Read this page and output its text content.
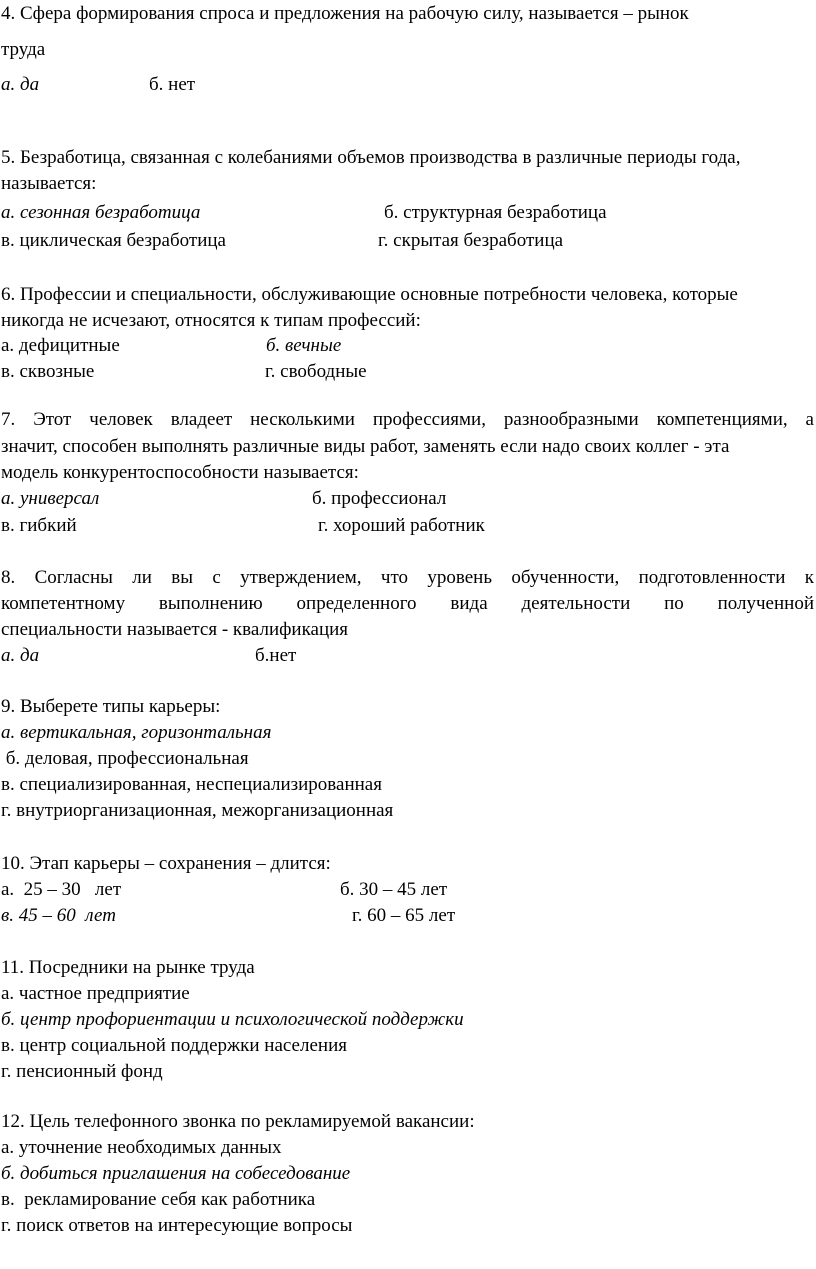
4. Сфера формирования спроса и предложения на рабочую силу, называется – рынок
труда
а. да	б. нет
5. Безработица, связанная с колебаниями объемов производства в различные периоды года,
называется:
а. сезонная безработица	б. структурная безработица
в. циклическая безработица	г. скрытая безработица
6. Профессии и специальности, обслуживающие основные потребности человека, которые
никогда не исчезают, относятся к типам профессий:
а. дефицитные	б. вечные
в. сквозные	г. свободные
7. Этот человек владеет несколькими профессиями, разнообразными компетенциями, а
значит, способен выполнять различные виды работ, заменять если надо своих коллег - эта
модель конкурентоспособности называется:
а. универсал	б. профессионал
в. гибкий	г. хороший работник
8. Согласны ли вы с утверждением, что уровень обученности, подготовленности к
компетентному выполнению определенного вида деятельности по полученной
специальности называется - квалификация
а. да	б.нет
9. Выберете типы карьеры:
а. вертикальная, горизонтальная
б. деловая, профессиональная
в. специализированная, неспециализированная
г. внутриорганизационная, межорганизационная
10. Этап карьеры – сохранения – длится:
а.  25 – 30   лет	б. 30 – 45 лет
в. 45 – 60  лет	г. 60 – 65 лет
11. Посредники на рынке труда
а. частное предприятие
б. центр профориентации и психологической поддержки
в. центр социальной поддержки населения
г. пенсионный фонд
12. Цель телефонного звонка по рекламируемой вакансии:
а. уточнение необходимых данных
б. добиться приглашения на собеседование
в.  рекламирование себя как работника
г. поиск ответов на интересующие вопросы
